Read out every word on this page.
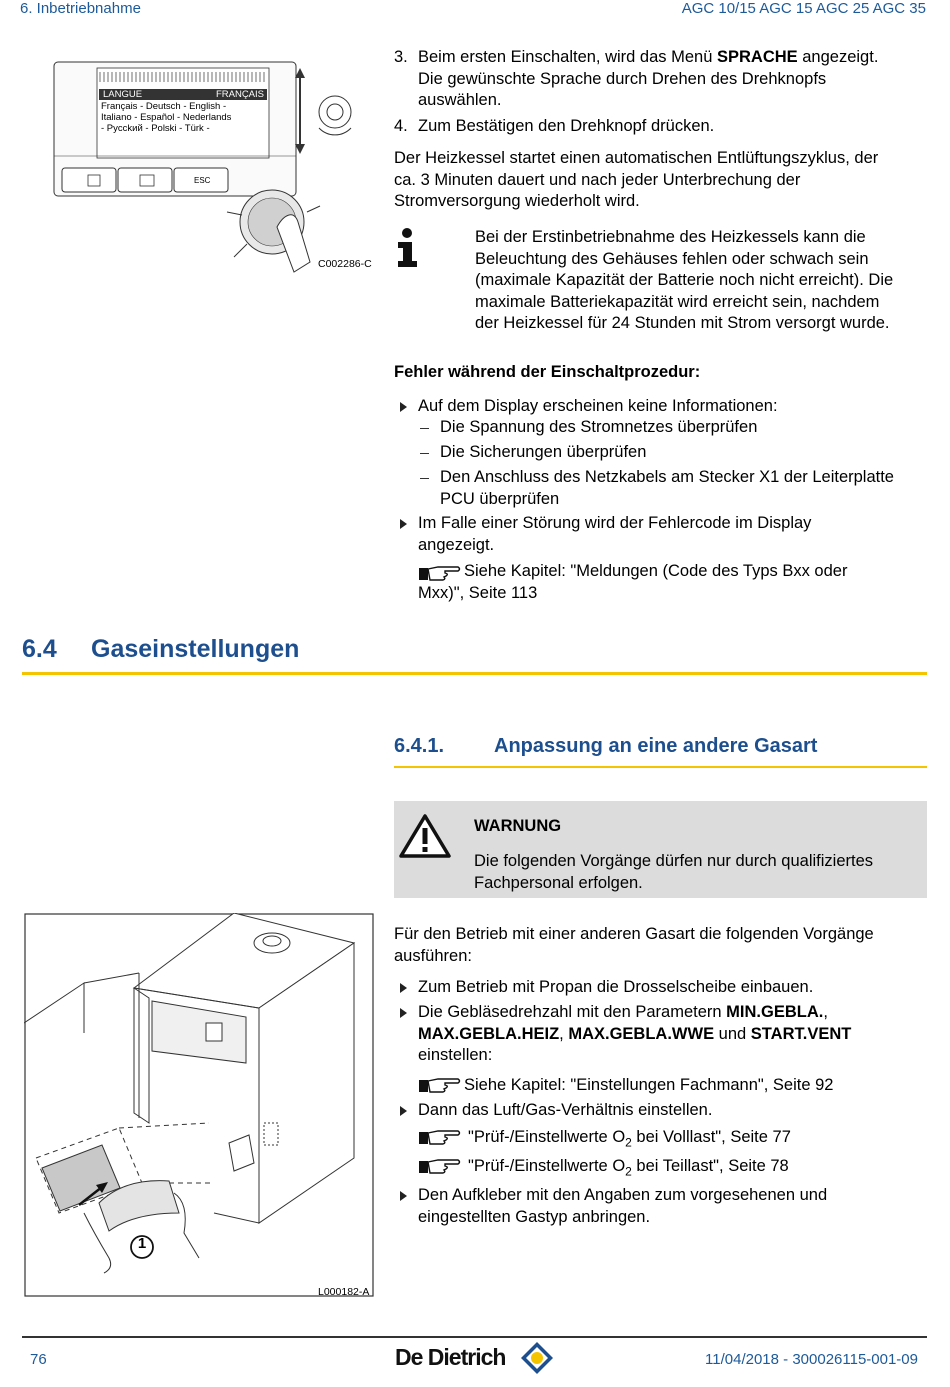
6. Inbetriebnahme	AGC 10/15 AGC 15 AGC 25 AGC 35
LANGUE	FRANÇAIS
Français - Deutsch - English -
Italiano - Español - Nederlands
- Pycckий - Polski - Türk -
ESC
C002286-C
3. Beim ersten Einschalten, wird das Menü SPRACHE angezeigt.
Die gewünschte Sprache durch Drehen des Drehknopfs
auswählen.
4. Zum Bestätigen den Drehknopf drücken.
Der Heizkessel startet einen automatischen Entlüftungszyklus, der
ca. 3 Minuten dauert und nach jeder Unterbrechung der
Stromversorgung wiederholt wird.
Bei der Erstinbetriebnahme des Heizkessels kann die
Beleuchtung des Gehäuses fehlen oder schwach sein
(maximale Kapazität der Batterie noch nicht erreicht). Die
maximale Batteriekapazität wird erreicht sein, nachdem
der Heizkessel für 24 Stunden mit Strom versorgt wurde.
Fehler während der Einschaltprozedur:
Auf dem Display erscheinen keine Informationen:
Die Spannung des Stromnetzes überprüfen
Die Sicherungen überprüfen
Den Anschluss des Netzkabels am Stecker X1 der Leiterplatte
PCU überprüfen
Im Falle einer Störung wird der Fehlercode im Display
angezeigt.
Siehe Kapitel: "Meldungen (Code des Typs Bxx oder
Mxx)", Seite 113
6.4 Gaseinstellungen
6.4.1. Anpassung an eine andere Gasart
WARNUNG
Die folgenden Vorgänge dürfen nur durch qualifiziertes
Fachpersonal erfolgen.
1
L000182-A
Für den Betrieb mit einer anderen Gasart die folgenden Vorgänge
ausführen:
Zum Betrieb mit Propan die Drosselscheibe einbauen.
Die Gebläsedrehzahl mit den Parametern MIN.GEBLA.,
MAX.GEBLA.HEIZ, MAX.GEBLA.WWE und START.VENT
einstellen:
Siehe Kapitel: "Einstellungen Fachmann", Seite 92
Dann das Luft/Gas-Verhältnis einstellen.
"Prüf-/Einstellwerte $O_2$ bei Volllast", Seite 77
"Prüf-/Einstellwerte $O_2$ bei Teillast", Seite 78
Den Aufkleber mit den Angaben zum vorgesehenen und
eingestellten Gastyp anbringen.
76	De Dietrich	11/04/2018 - 300026115-001-09
